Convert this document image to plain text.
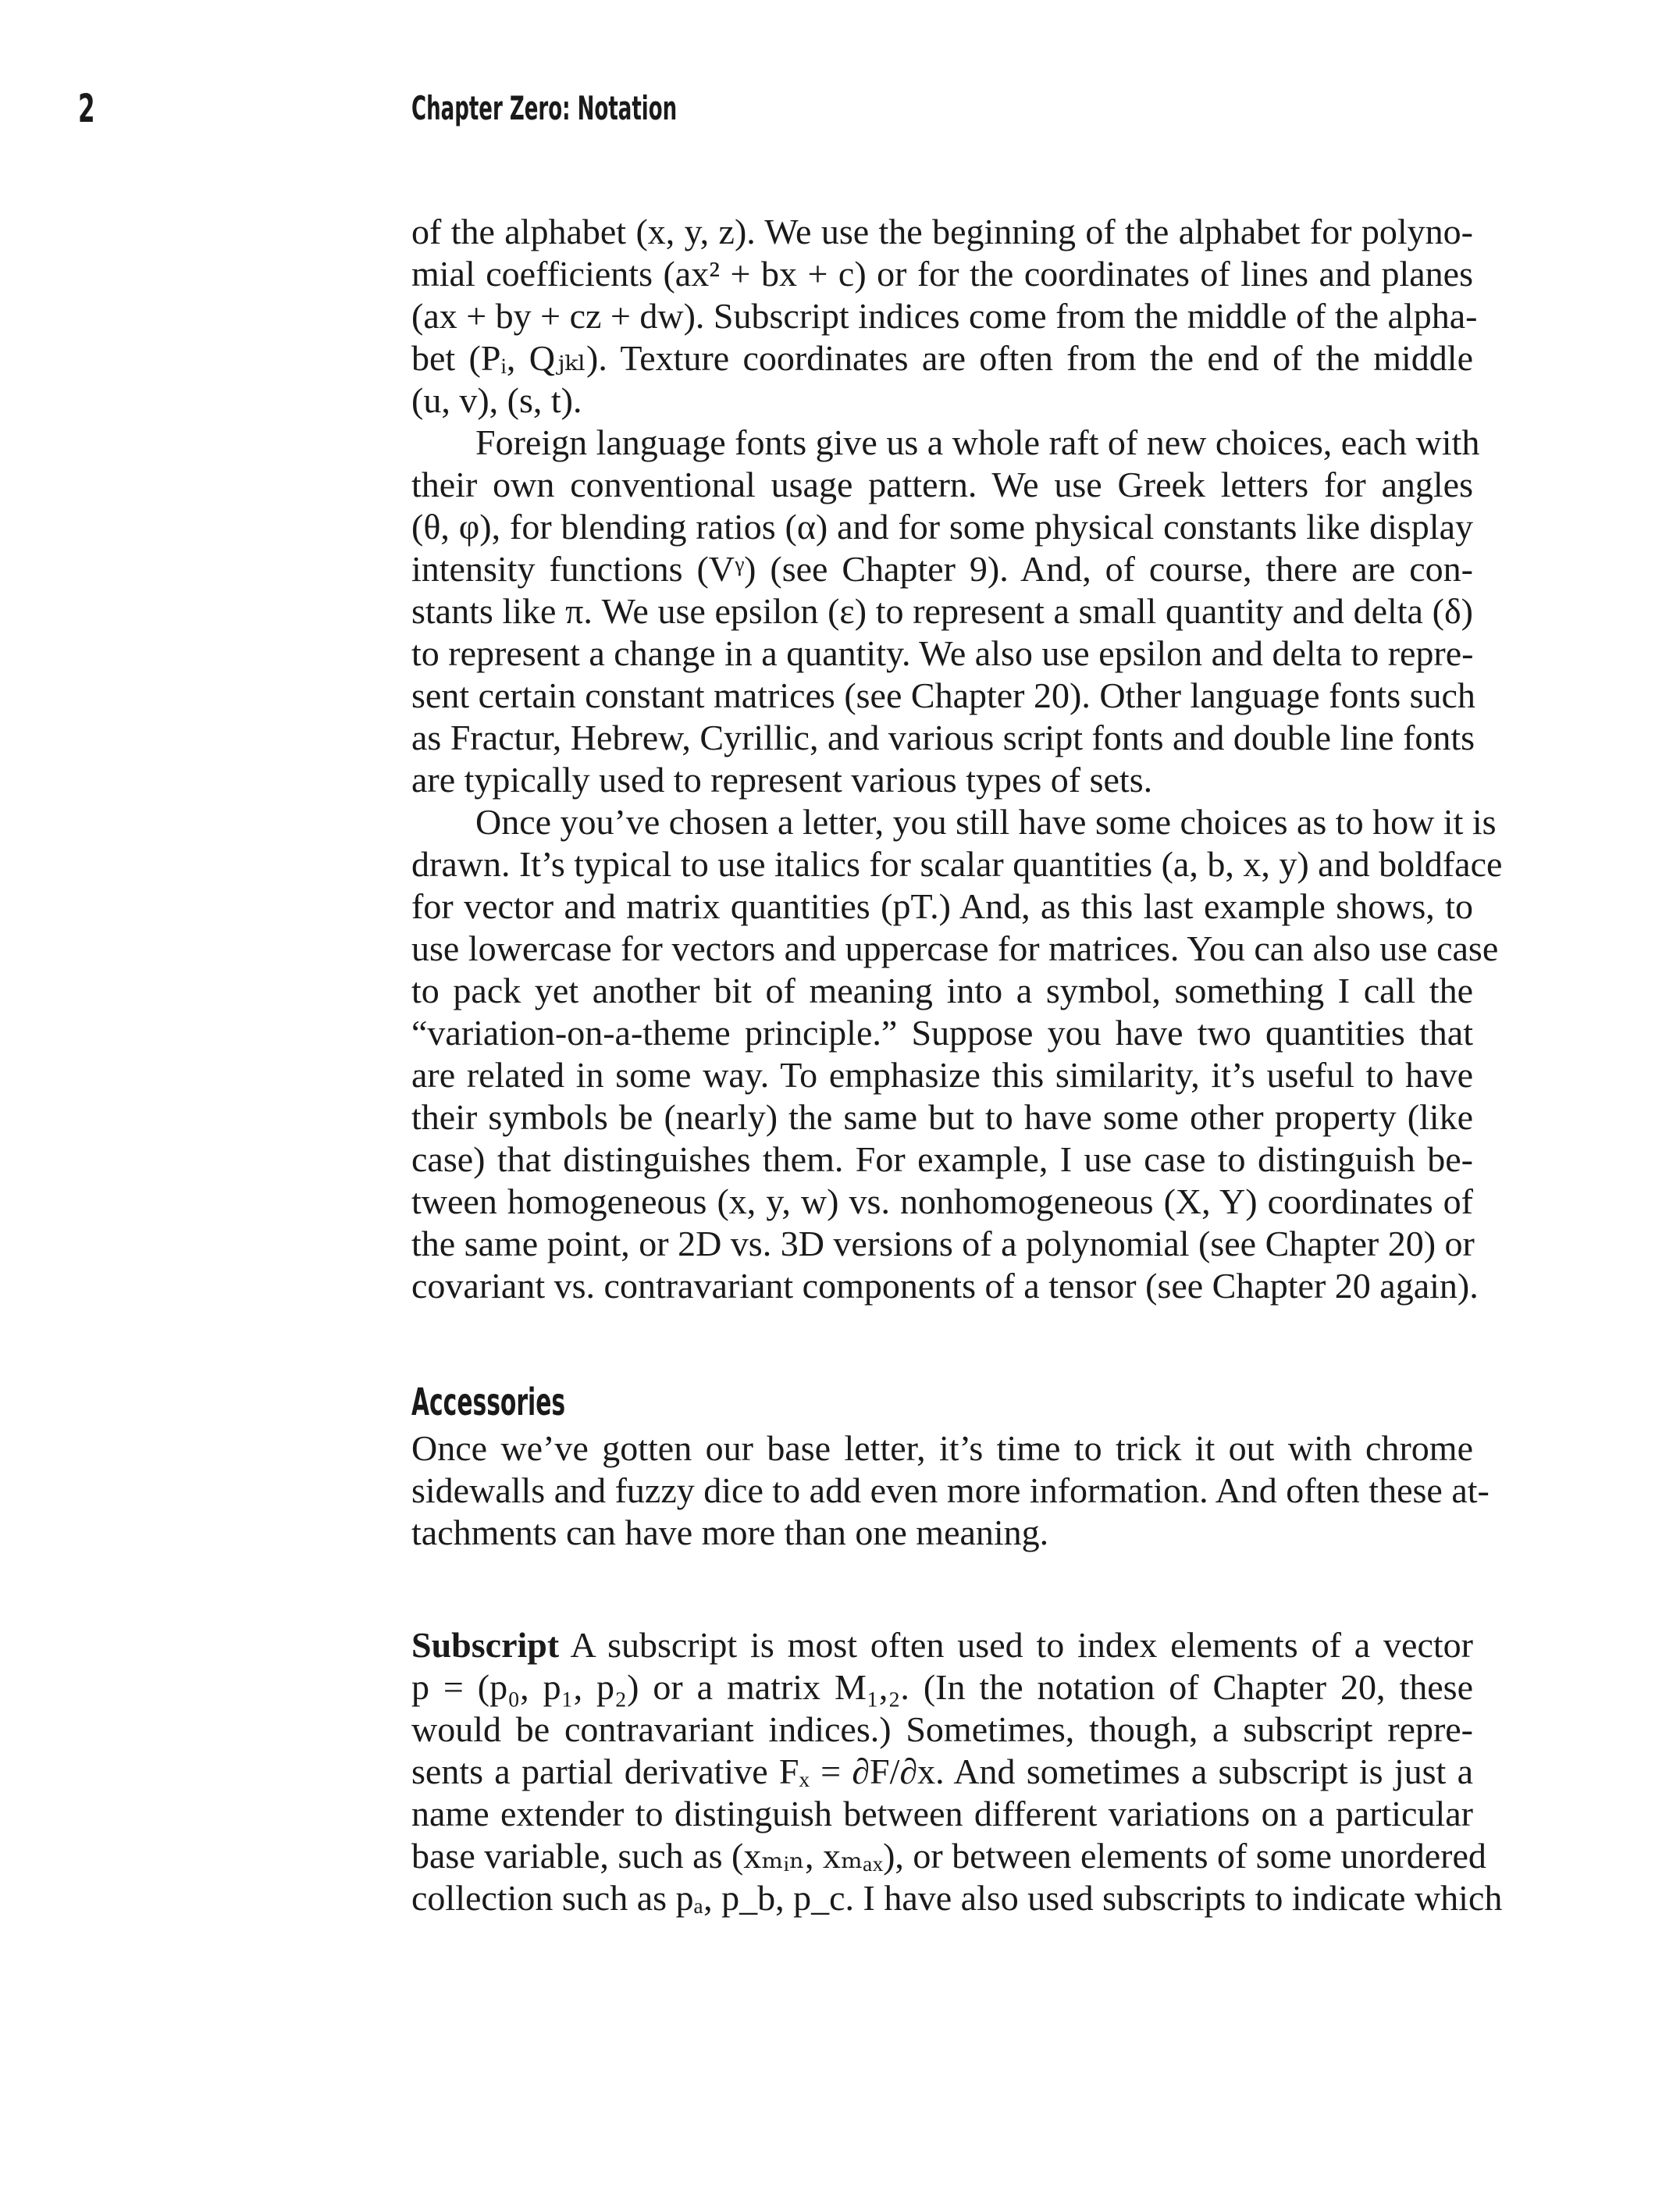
2	Chapter Zero: Notation
of the alphabet (x, y, z). We use the beginning of the alphabet for polyno-
mial coefficients (ax² + bx + c) or for the coordinates of lines and planes
(ax + by + cz + dw). Subscript indices come from the middle of the alpha-
bet (Pᵢ, Qⱼₖₗ). Texture coordinates are often from the end of the middle
(u, v), (s, t).
Foreign language fonts give us a whole raft of new choices, each with
their own conventional usage pattern. We use Greek letters for angles
(θ, φ), for blending ratios (α) and for some physical constants like display
intensity functions (Vᵞ) (see Chapter 9). And, of course, there are con-
stants like π. We use epsilon (ε) to represent a small quantity and delta (δ)
to represent a change in a quantity. We also use epsilon and delta to repre-
sent certain constant matrices (see Chapter 20). Other language fonts such
as Fractur, Hebrew, Cyrillic, and various script fonts and double line fonts
are typically used to represent various types of sets.
Once you’ve chosen a letter, you still have some choices as to how it is
drawn. It’s typical to use italics for scalar quantities (a, b, x, y) and boldface
for vector and matrix quantities (pT.) And, as this last example shows, to
use lowercase for vectors and uppercase for matrices. You can also use case
to pack yet another bit of meaning into a symbol, something I call the
“variation-on-a-theme principle.” Suppose you have two quantities that
are related in some way. To emphasize this similarity, it’s useful to have
their symbols be (nearly) the same but to have some other property (like
case) that distinguishes them. For example, I use case to distinguish be-
tween homogeneous (x, y, w) vs. nonhomogeneous (X, Y) coordinates of
the same point, or 2D vs. 3D versions of a polynomial (see Chapter 20) or
covariant vs. contravariant components of a tensor (see Chapter 20 again).
Accessories
Once we’ve gotten our base letter, it’s time to trick it out with chrome
sidewalls and fuzzy dice to add even more information. And often these at-
tachments can have more than one meaning.
Subscript A subscript is most often used to index elements of a vector
p = (p₀, p₁, p₂) or a matrix M₁,₂. (In the notation of Chapter 20, these
would be contravariant indices.) Sometimes, though, a subscript repre-
sents a partial derivative Fₓ = ∂F/∂x. And sometimes a subscript is just a
name extender to distinguish between different variations on a particular
base variable, such as (xₘᵢₙ, xₘₐₓ), or between elements of some unordered
collection such as pₐ, p_b, p_c. I have also used subscripts to indicate which
